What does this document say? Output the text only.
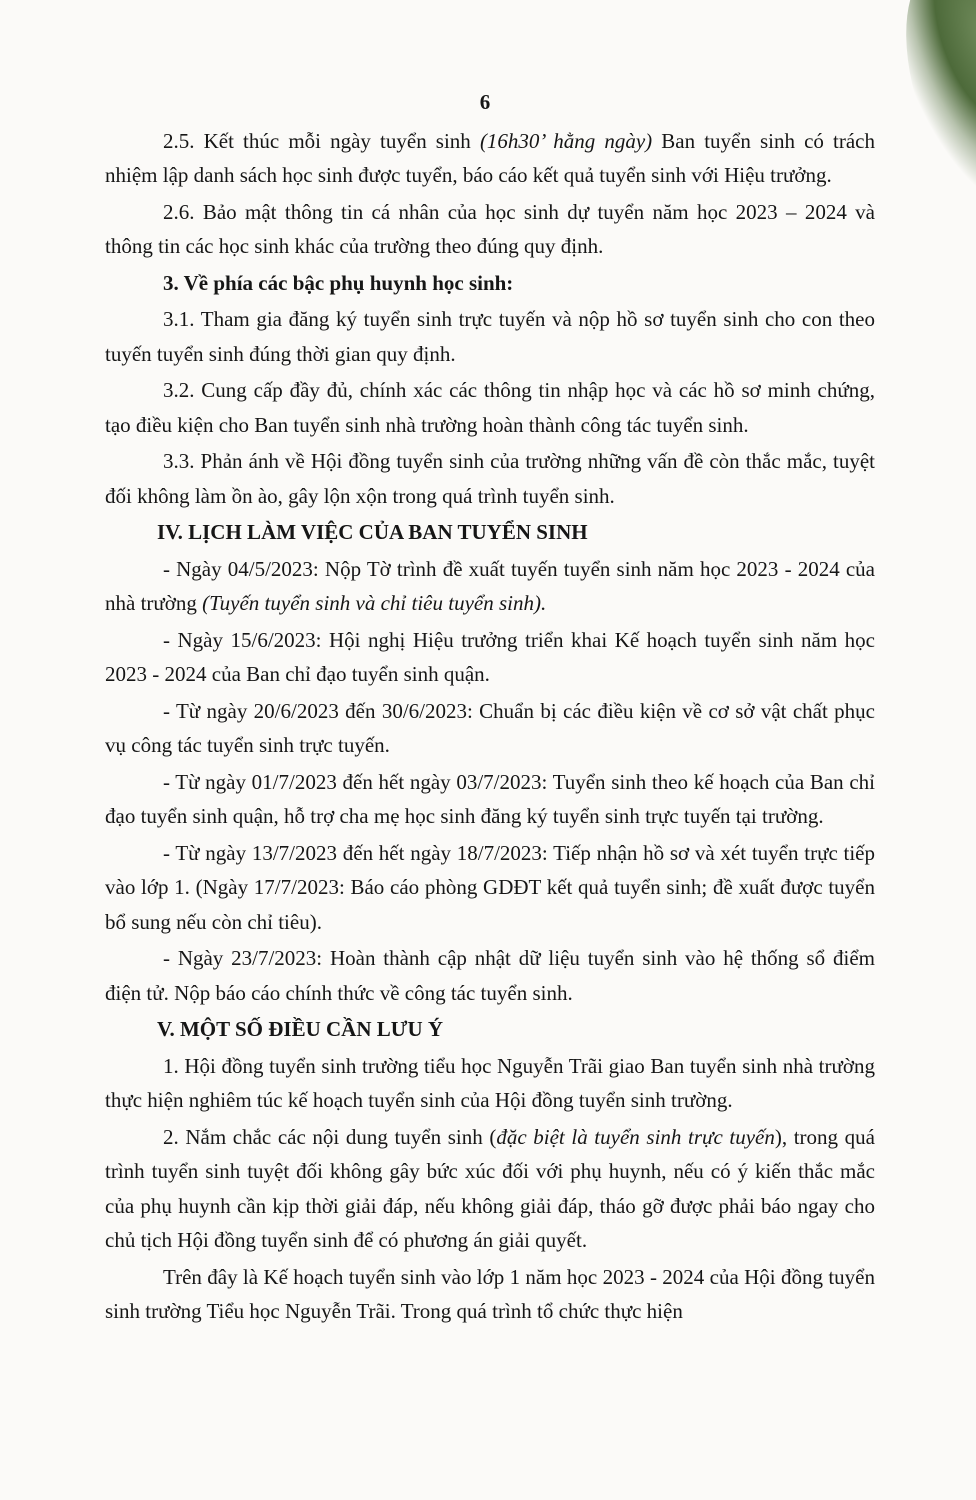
6

2.5. Kết thúc mỗi ngày tuyển sinh (16h30’ hằng ngày) Ban tuyển sinh có trách nhiệm lập danh sách học sinh được tuyển, báo cáo kết quả tuyển sinh với Hiệu trưởng.

2.6. Bảo mật thông tin cá nhân của học sinh dự tuyển năm học 2023 – 2024 và thông tin các học sinh khác của trường theo đúng quy định.

3. Về phía các bậc phụ huynh học sinh:

3.1. Tham gia đăng ký tuyển sinh trực tuyến và nộp hồ sơ tuyển sinh cho con theo tuyến tuyển sinh đúng thời gian quy định.

3.2. Cung cấp đầy đủ, chính xác các thông tin nhập học và các hồ sơ minh chứng, tạo điều kiện cho Ban tuyển sinh nhà trường hoàn thành công tác tuyển sinh.

3.3. Phản ánh về Hội đồng tuyển sinh của trường những vấn đề còn thắc mắc, tuyệt đối không làm ồn ào, gây lộn xộn trong quá trình tuyển sinh.

IV. LỊCH LÀM VIỆC CỦA BAN TUYỂN SINH

- Ngày 04/5/2023: Nộp Tờ trình đề xuất tuyến tuyển sinh năm học 2023 - 2024 của nhà trường (Tuyến tuyển sinh và chỉ tiêu tuyển sinh).

- Ngày 15/6/2023: Hội nghị Hiệu trưởng triển khai Kế hoạch tuyển sinh năm học 2023 - 2024 của Ban chỉ đạo tuyển sinh quận.

- Từ ngày 20/6/2023 đến 30/6/2023: Chuẩn bị các điều kiện về cơ sở vật chất phục vụ công tác tuyển sinh trực tuyến.

- Từ ngày 01/7/2023 đến hết ngày 03/7/2023: Tuyển sinh theo kế hoạch của Ban chỉ đạo tuyển sinh quận, hỗ trợ cha mẹ học sinh đăng ký tuyển sinh trực tuyến tại trường.

- Từ ngày 13/7/2023 đến hết ngày 18/7/2023: Tiếp nhận hồ sơ và xét tuyển trực tiếp vào lớp 1. (Ngày 17/7/2023: Báo cáo phòng GDĐT kết quả tuyển sinh; đề xuất được tuyển bổ sung nếu còn chỉ tiêu).

- Ngày 23/7/2023: Hoàn thành cập nhật dữ liệu tuyển sinh vào hệ thống sổ điểm điện tử. Nộp báo cáo chính thức về công tác tuyển sinh.

V. MỘT SỐ ĐIỀU CẦN LƯU Ý

1. Hội đồng tuyển sinh trường tiểu học Nguyễn Trãi giao Ban tuyển sinh nhà trường thực hiện nghiêm túc kế hoạch tuyển sinh của Hội đồng tuyển sinh trường.

2. Nắm chắc các nội dung tuyển sinh (đặc biệt là tuyển sinh trực tuyến), trong quá trình tuyển sinh tuyệt đối không gây bức xúc đối với phụ huynh, nếu có ý kiến thắc mắc của phụ huynh cần kịp thời giải đáp, nếu không giải đáp, tháo gỡ được phải báo ngay cho chủ tịch Hội đồng tuyển sinh để có phương án giải quyết.

Trên đây là Kế hoạch tuyển sinh vào lớp 1 năm học 2023 - 2024 của Hội đồng tuyển sinh trường Tiểu học Nguyễn Trãi. Trong quá trình tổ chức thực hiện
